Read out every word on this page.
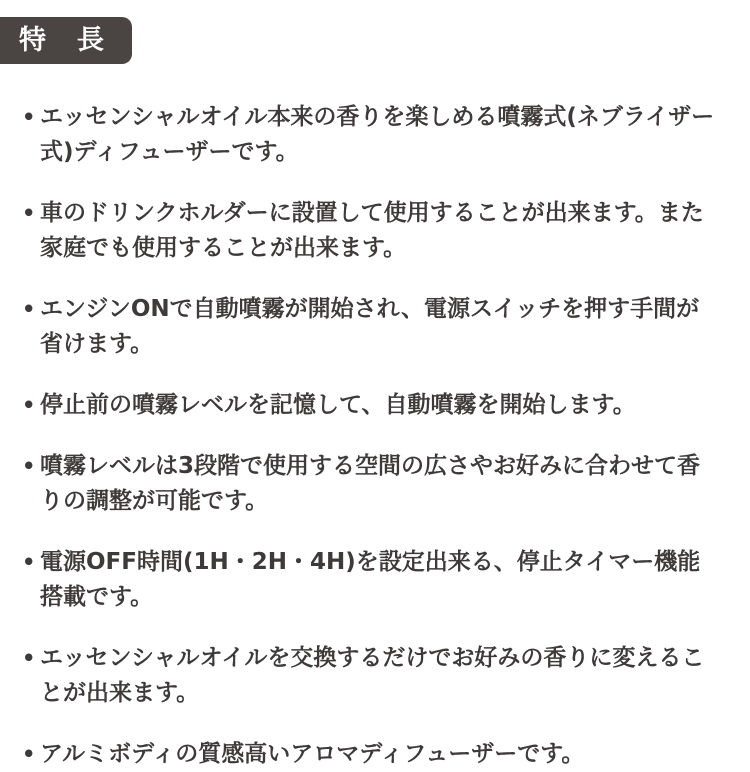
特　長
• エッセンシャルオイル本来の香りを楽しめる噴霧式(ネブライザー式)ディフューザーです。
• 車のドリンクホルダーに設置して使用することが出来ます。また家庭でも使用することが出来ます。
• エンジンONで自動噴霧が開始され、電源スイッチを押す手間が省けます。
• 停止前の噴霧レベルを記憶して、自動噴霧を開始します。
• 噴霧レベルは3段階で使用する空間の広さやお好みに合わせて香りの調整が可能です。
• 電源OFF時間(1H・2H・4H)を設定出来る、停止タイマー機能搭載です。
• エッセンシャルオイルを交換するだけでお好みの香りに変えることが出来ます。
• アルミボディの質感高いアロマディフューザーです。
